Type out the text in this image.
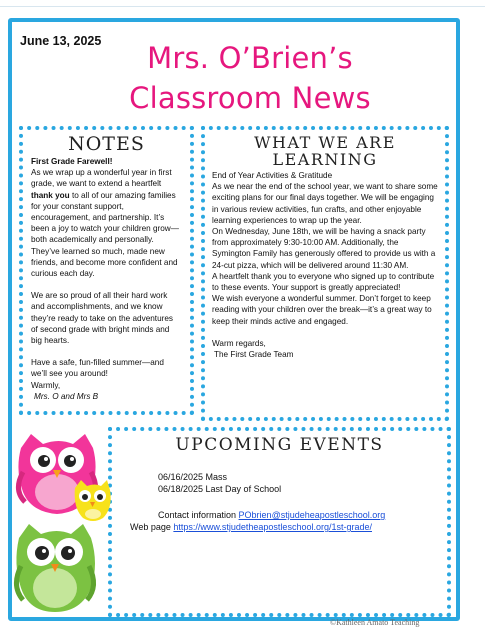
June 13, 2025	Mrs. O’Brien’s
Classroom News
NOTES

First Grade Farewell!

As we wrap up a wonderful year in first grade, we want to extend a heartfelt thank you to all of our amazing families for your constant support, encouragement, and partnership. It’s been a joy to watch your children grow—both academically and personally. They’ve learned so much, made new friends, and become more confident and curious each day.

We are so proud of all their hard work and accomplishments, and we know they’re ready to take on the adventures of second grade with bright minds and big hearts.

Have a safe, fun-filled summer—and we’ll see you around!

Warmly,

Mrs. O and Mrs B

WHAT WE ARE
LEARNING

End of Year Activities & Gratitude

As we near the end of the school year, we want to share some exciting plans for our final days together. We will be engaging in various review activities, fun crafts, and other enjoyable learning experiences to wrap up the year.

On Wednesday, June 18th, we will be having a snack party from approximately 9:30-10:00 AM. Additionally, the Symington Family has generously offered to provide us with a 24-cut pizza, which will be delivered around 11:30 AM.

A heartfelt thank you to everyone who signed up to contribute to these events. Your support is greatly appreciated!

We wish everyone a wonderful summer. Don’t forget to keep reading with your children over the break—it’s a great way to keep their minds active and engaged.

Warm regards,

The First Grade Team

UPCOMING EVENTS
06/16/2025 Mass
06/18/2025 Last Day of School
Contact information PObrien@stjudeheapostleschool.org
Web page https://www.stjudetheapostleschool.org/1st-grade/
©Kathleen Amato Teaching
